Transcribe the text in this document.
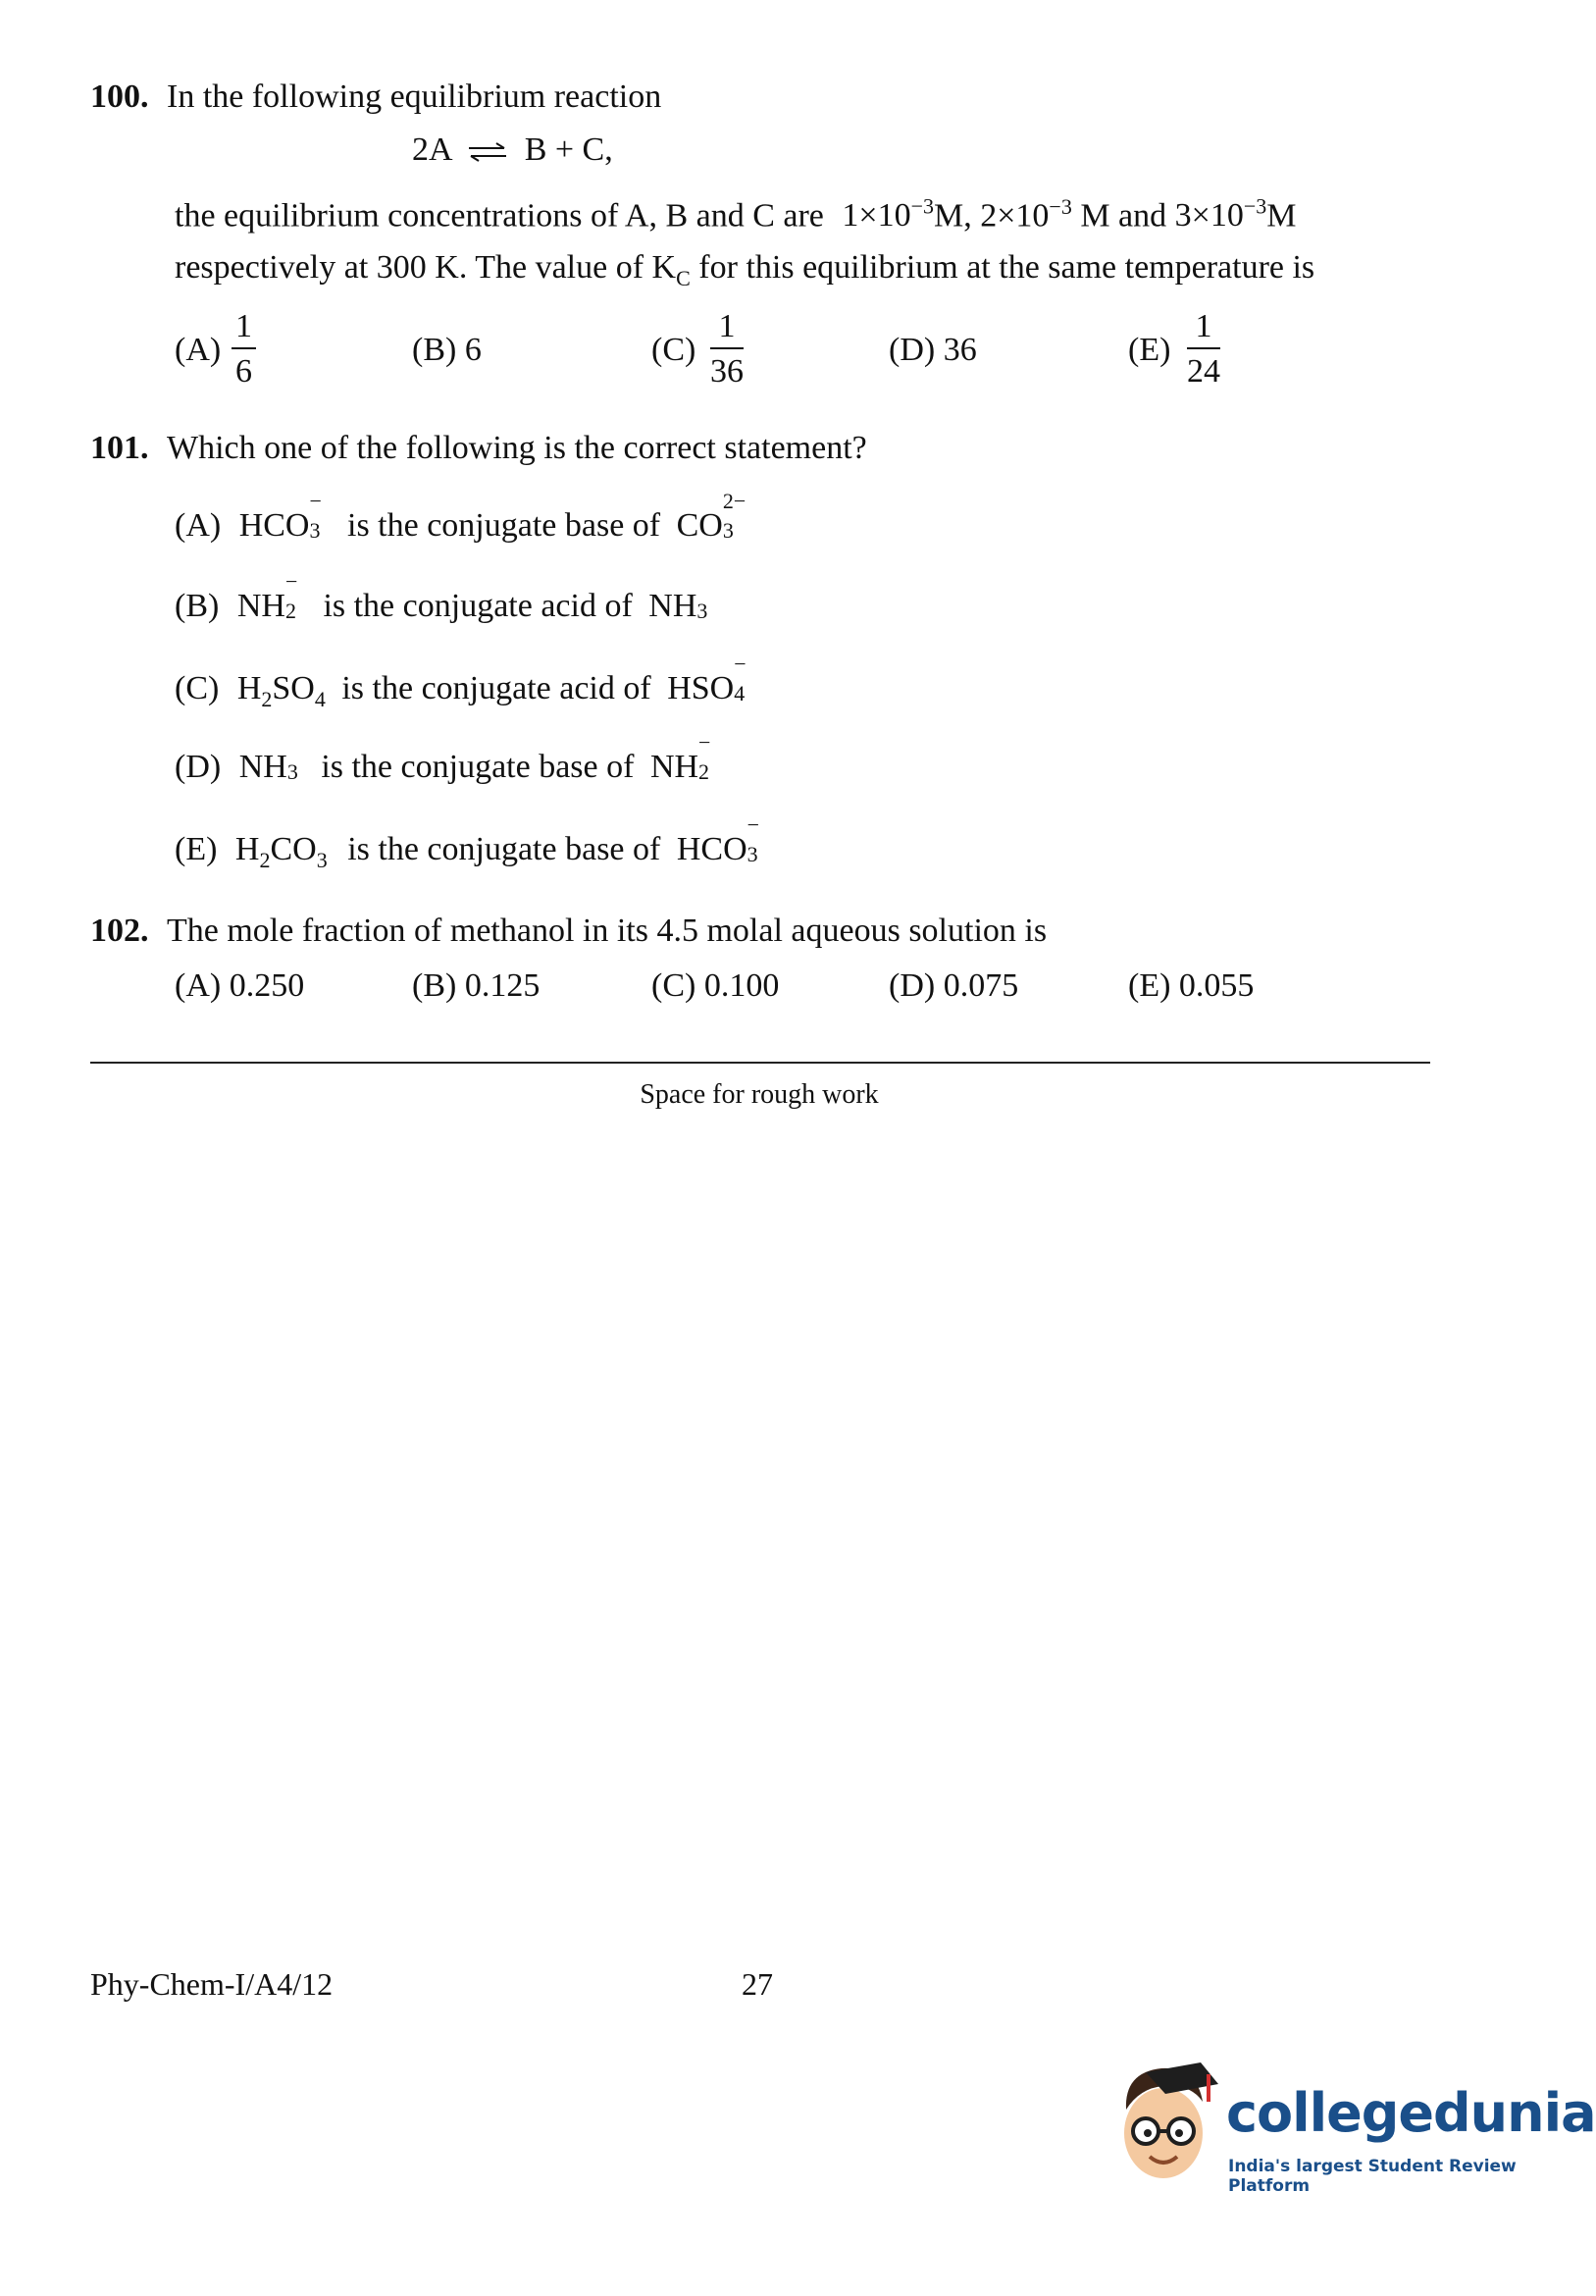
100. In the following equilibrium reaction
2A ⇌ B + C,
the equilibrium concentrations of A, B and C are $1\times 10^{-3}M$, $2\times 10^{-3}$ M and $3\times 10^{-3}M$
respectively at 300 K. The value of $K_C$ for this equilibrium at the same temperature is
$(A) \frac{1}{6}$	(B) 6	$(C) \frac{1}{36}$	(D) 36	$(E) \frac{1}{24}$
101. Which one of the following is the correct statement?
(A) HCO
−
3 is the conjugate base of CO
2−
3
(B) NH
−
2 is the conjugate acid of NH 3
(C) $H_2SO_4$ is the conjugate acid of HSO
−
4
(D) NH 3 is the conjugate base of NH
−
2
(E) $H_2CO_3$ is the conjugate base of HCO
−
3
102. The mole fraction of methanol in its 4.5 molal aqueous solution is
(A) 0.250	(B) 0.125	(C) 0.100	(D) 0.075	(E) 0.055
Space for rough work
Phy-Chem-I/A4/12	27
collegedunia
India's largest Student Review Platform
